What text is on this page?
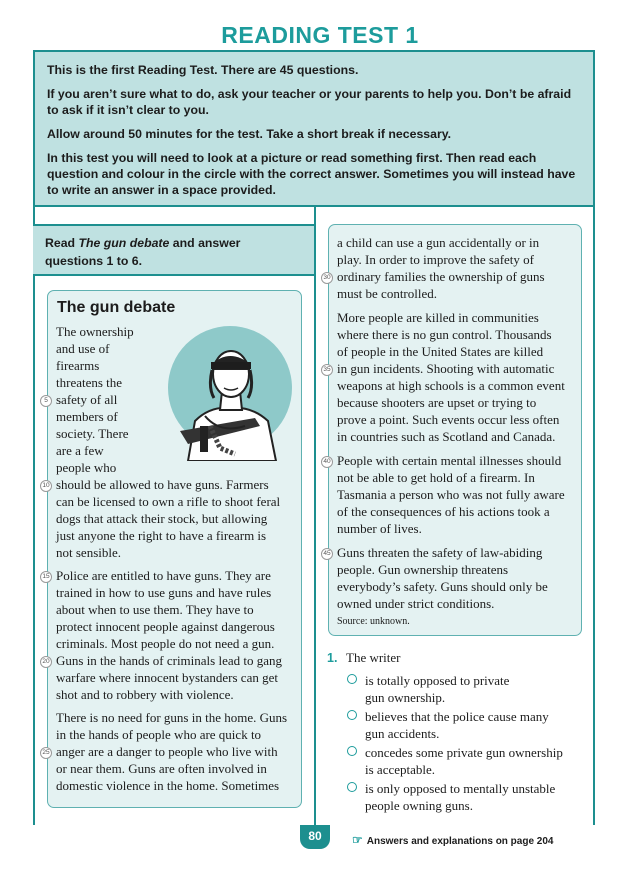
READING TEST 1

This is the first Reading Test. There are 45 questions.

If you aren’t sure what to do, ask your teacher or your parents to help you. Don’t be afraid to ask if it isn’t clear to you.

Allow around 50 minutes for the test. Take a short break if necessary.

In this test you will need to look at a picture or read something first. Then read each question and colour in the circle with the correct answer. Sometimes you will instead have to write an answer in a space provided.

Read The gun debate and answer
questions 1 to 6.
The gun debate
The ownership
and use of
firearms
threatens the
safety of all
5
members of
society. There
are a few
people who
should be allowed to have guns. Farmers
10
can be licensed to own a rifle to shoot feral
dogs that attack their stock, but allowing
just anyone the right to have a firearm is
not sensible.
Police are entitled to have guns. They are
15
trained in how to use guns and have rules
about when to use them. They have to
protect innocent people against dangerous
criminals. Most people do not need a gun.
Guns in the hands of criminals lead to gang
20
warfare where innocent bystanders can get
shot and to robbery with violence.
There is no need for guns in the home. Guns
in the hands of people who are quick to
anger are a danger to people who live with
25
or near them. Guns are often involved in
domestic violence in the home. Sometimes
a child can use a gun accidentally or in
play. In order to improve the safety of
ordinary families the ownership of guns
30
must be controlled.
More people are killed in communities
where there is no gun control. Thousands
of people in the United States are killed
in gun incidents. Shooting with automatic
35
weapons at high schools is a common event
because shooters are upset or trying to
prove a point. Such events occur less often
in countries such as Scotland and Canada.
People with certain mental illnesses should
40
not be able to get hold of a firearm. In
Tasmania a person who was not fully aware
of the consequences of his actions took a
number of lives.
Guns threaten the safety of law-abiding
45
people. Gun ownership threatens
everybody’s safety. Guns should only be
owned under strict conditions.
Source: unknown.
1. The writer
is totally opposed to private
gun ownership.
believes that the police cause many
gun accidents.
concedes some private gun ownership
is acceptable.
is only opposed to mentally unstable
people owning guns.
80	☞ Answers and explanations on page 204
